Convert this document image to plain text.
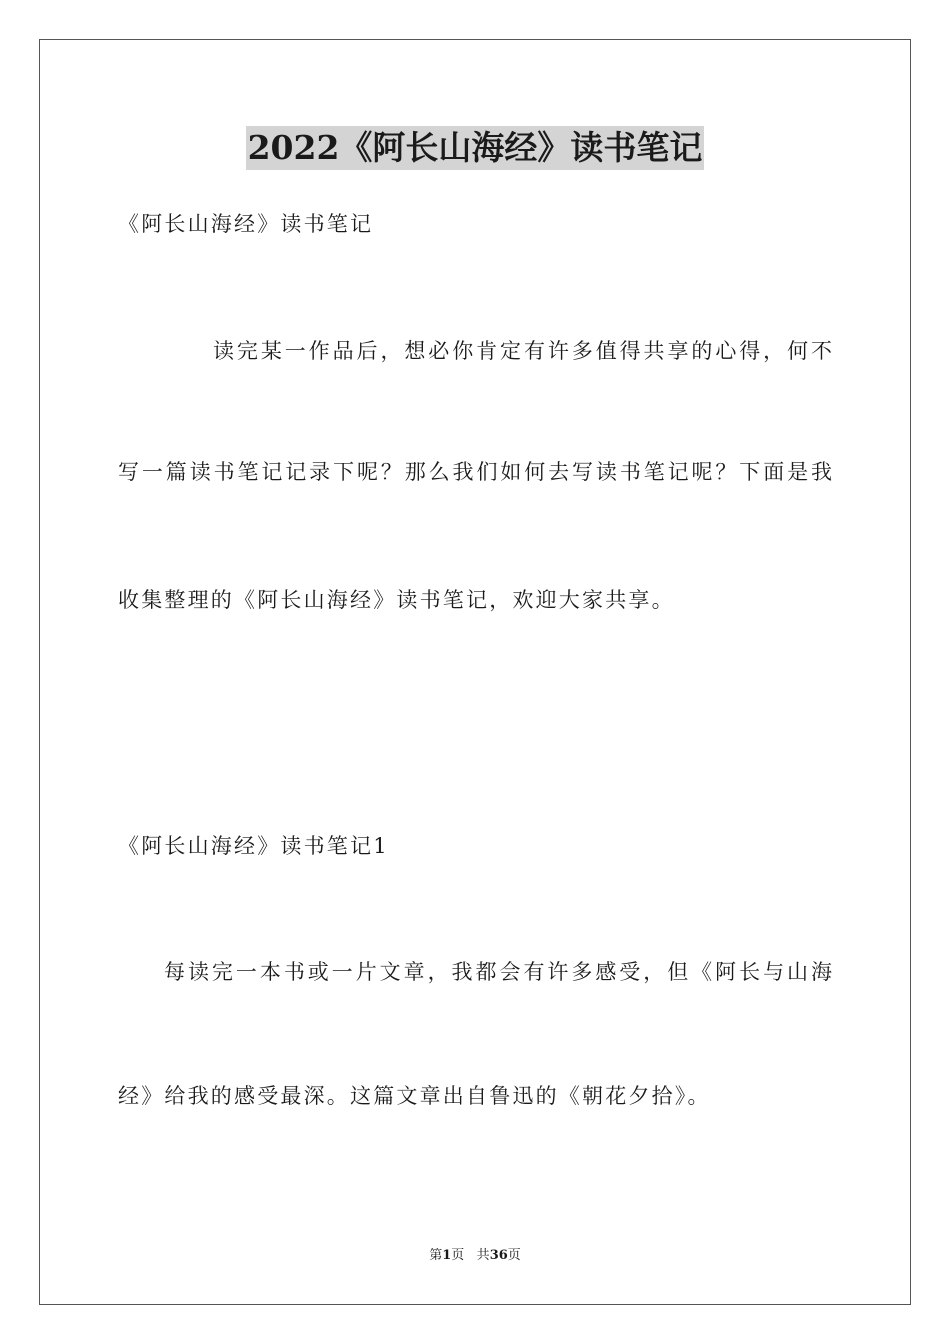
2022《阿长山海经》读书笔记
《阿长山海经》读书笔记
读完某一作品后，想必你肯定有许多值得共享的心得，何不
写一篇读书笔记记录下呢？那么我们如何去写读书笔记呢？下面是我
收集整理的《阿长山海经》读书笔记，欢迎大家共享。
《阿长山海经》读书笔记1
每读完一本书或一片文章，我都会有许多感受，但《阿长与山海
经》给我的感受最深。这篇文章出自鲁迅的《朝花夕拾》。
第1页 共36页
